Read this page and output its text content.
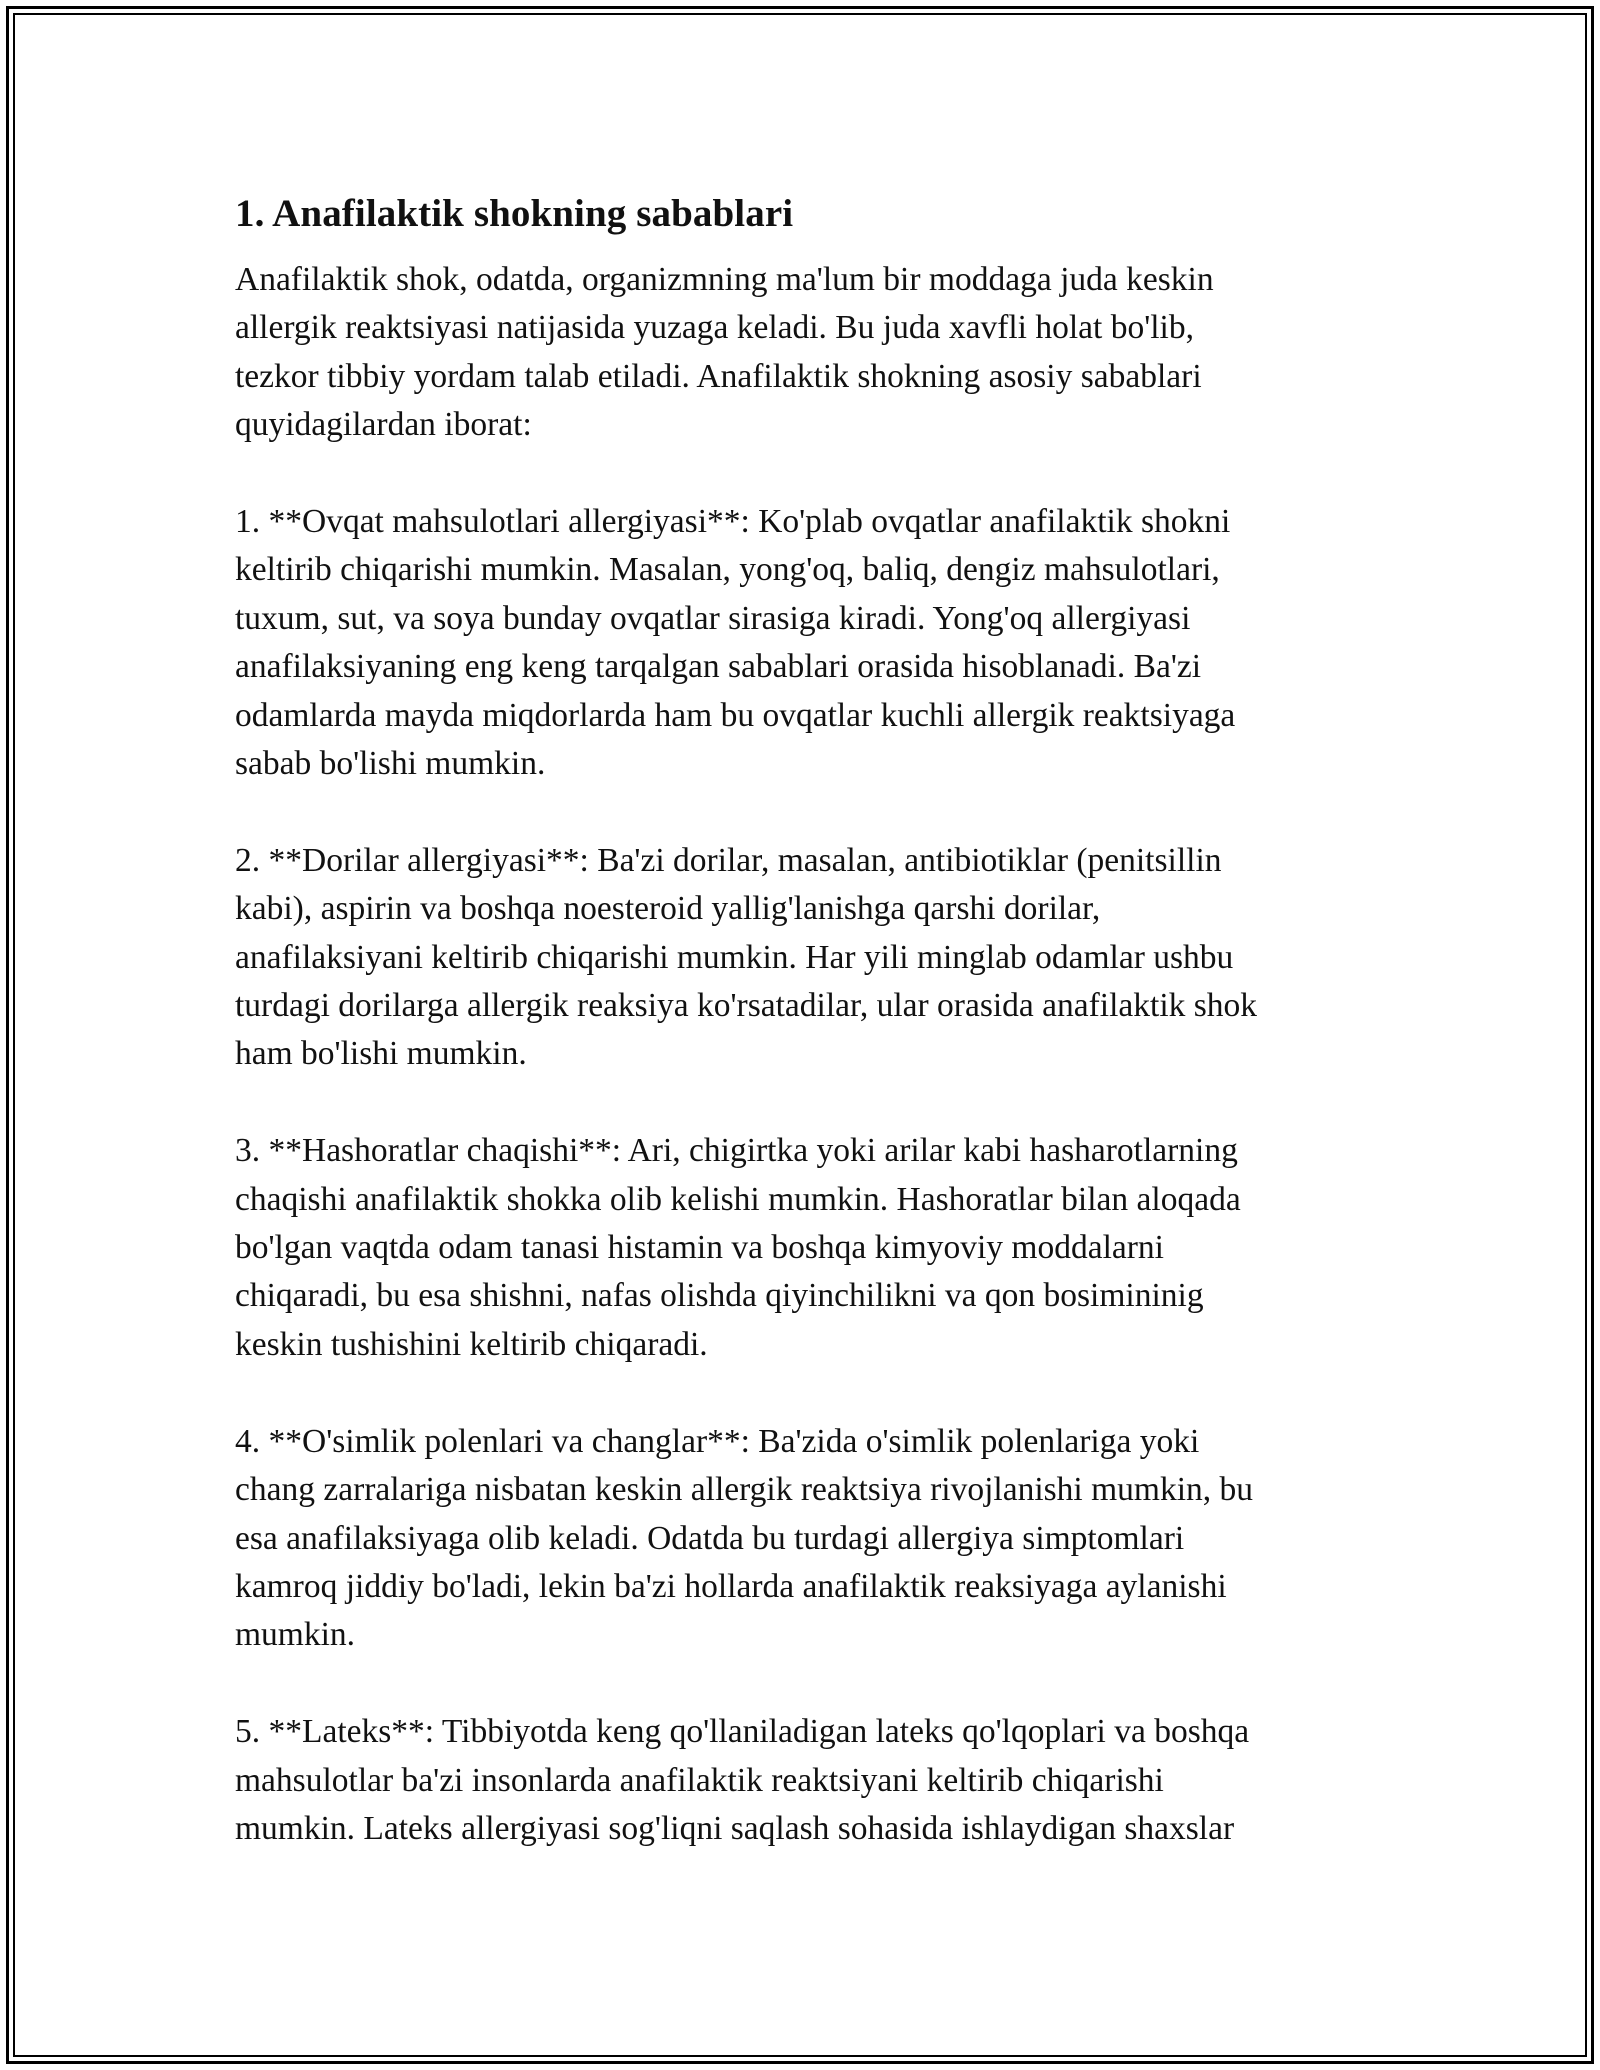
1. Anafilaktik shokning sabablari

Anafilaktik shok, odatda, organizmning ma'lum bir moddaga juda keskin
allergik reaktsiyasi natijasida yuzaga keladi. Bu juda xavfli holat bo'lib,
tezkor tibbiy yordam talab etiladi. Anafilaktik shokning asosiy sabablari
quyidagilardan iborat:

1. **Ovqat mahsulotlari allergiyasi**: Ko'plab ovqatlar anafilaktik shokni
keltirib chiqarishi mumkin. Masalan, yong'oq, baliq, dengiz mahsulotlari,
tuxum, sut, va soya bunday ovqatlar sirasiga kiradi. Yong'oq allergiyasi
anafilaksiyaning eng keng tarqalgan sabablari orasida hisoblanadi. Ba'zi
odamlarda mayda miqdorlarda ham bu ovqatlar kuchli allergik reaktsiyaga
sabab bo'lishi mumkin.

2. **Dorilar allergiyasi**: Ba'zi dorilar, masalan, antibiotiklar (penitsillin
kabi), aspirin va boshqa noesteroid yallig'lanishga qarshi dorilar,
anafilaksiyani keltirib chiqarishi mumkin. Har yili minglab odamlar ushbu
turdagi dorilarga allergik reaksiya ko'rsatadilar, ular orasida anafilaktik shok
ham bo'lishi mumkin.

3. **Hashoratlar chaqishi**: Ari, chigirtka yoki arilar kabi hasharotlarning
chaqishi anafilaktik shokka olib kelishi mumkin. Hashoratlar bilan aloqada
bo'lgan vaqtda odam tanasi histamin va boshqa kimyoviy moddalarni
chiqaradi, bu esa shishni, nafas olishda qiyinchilikni va qon bosimininig
keskin tushishini keltirib chiqaradi.

4. **O'simlik polenlari va changlar**: Ba'zida o'simlik polenlariga yoki
chang zarralariga nisbatan keskin allergik reaktsiya rivojlanishi mumkin, bu
esa anafilaksiyaga olib keladi. Odatda bu turdagi allergiya simptomlari
kamroq jiddiy bo'ladi, lekin ba'zi hollarda anafilaktik reaksiyaga aylanishi
mumkin.

5. **Lateks**: Tibbiyotda keng qo'llaniladigan lateks qo'lqoplari va boshqa
mahsulotlar ba'zi insonlarda anafilaktik reaktsiyani keltirib chiqarishi
mumkin. Lateks allergiyasi sog'liqni saqlash sohasida ishlaydigan shaxslar
